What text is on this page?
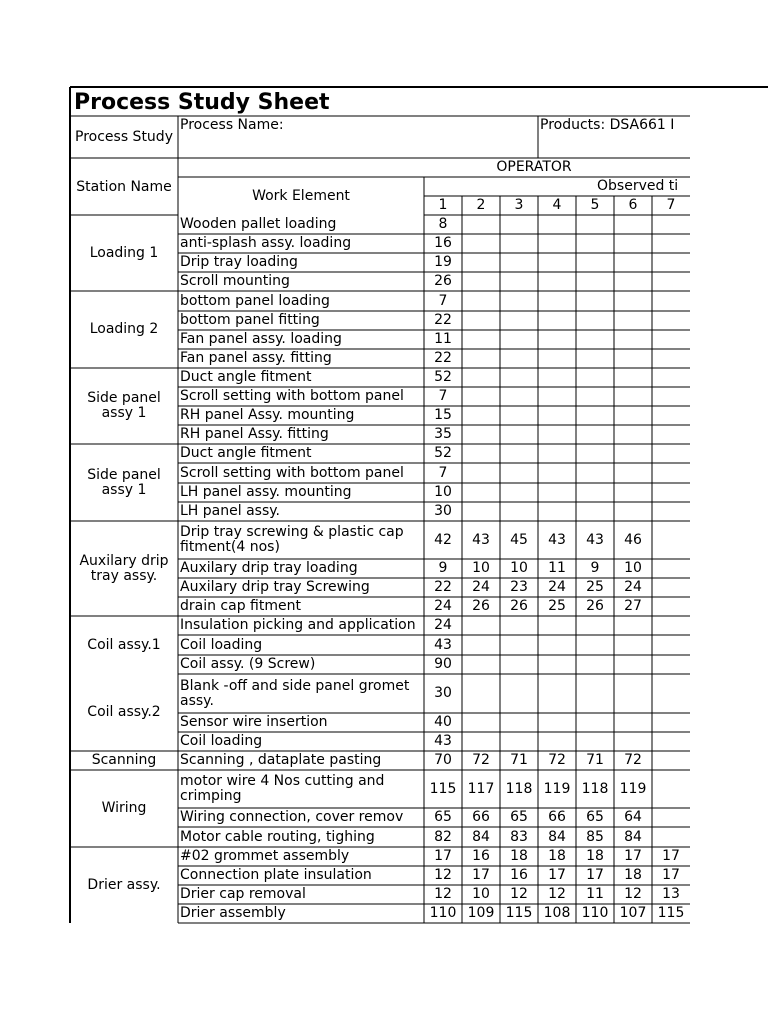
Process Study Sheet
Process Study
Process Name:	Products: DSA661 I
Station Name
Work Element
OPERATOR
Observed ti
1	2	3	4	5	6	7
Loading 1
Wooden pallet loading	8
anti-splash assy. loading	16
Drip tray loading	19
Scroll mounting	26
Loading 2
bottom panel loading	7
bottom panel fitting	22
Fan panel assy. loading	11
Fan panel assy. fitting	22
Side panel assy 1
Duct angle fitment	52
Scroll setting with bottom panel	7
RH panel Assy. mounting	15
RH panel Assy. fitting	35
Side panel assy 1
Duct angle fitment	52
Scroll setting with bottom panel	7
LH panel assy. mounting	10
LH panel assy.	30
Auxilary drip tray assy.
Drip tray screwing & plastic cap fitment(4 nos)	42	43	45	43	43	46
Auxilary drip tray loading	9	10	10	11	9	10
Auxilary drip tray Screwing	22	24	23	24	25	24
drain cap fitment	24	26	26	25	26	27
Coil assy.1
Insulation picking and application	24
Coil loading	43
Coil assy. (9 Screw)	90
Coil assy.2
Blank -off and side panel gromet assy.	30
Sensor wire insertion	40
Coil loading	43
Scanning	Scanning , dataplate pasting	70	72	71	72	71	72
Wiring
motor wire 4 Nos cutting and crimping	115 117 118 119 118 119
Wiring connection, cover remov	65	66	65	66	65	64
Motor cable routing, tighing	82	84	83	84	85	84
Drier assy.
#02 grommet assembly	17	16	18	18	18	17	17
Connection plate insulation	12	17	16	17	17	18	17
Drier cap removal	12	10	12	12	11	12	13
Drier assembly	110 109 115 108 110 107 115
